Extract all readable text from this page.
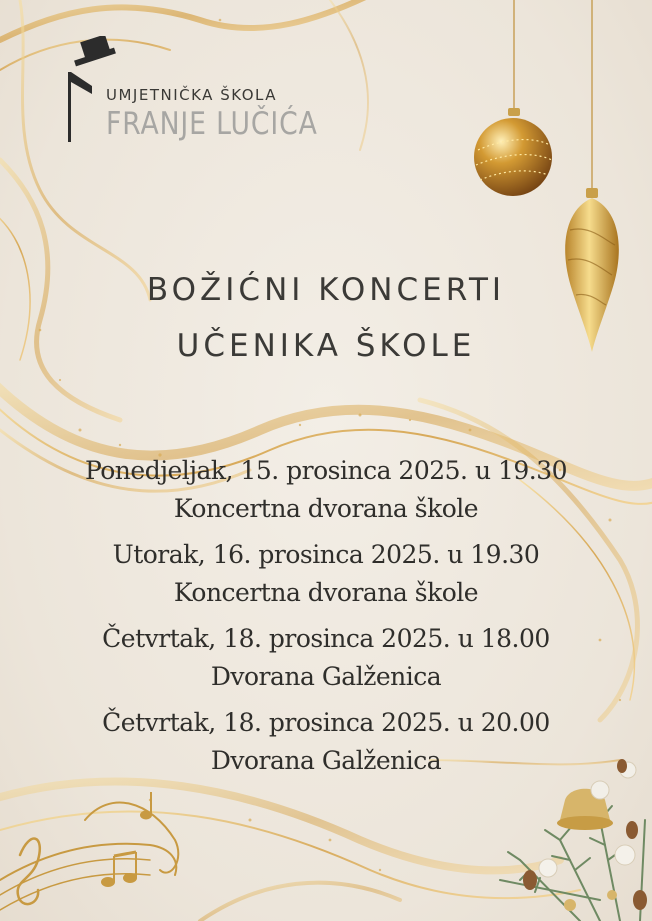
UMJETNIČKA ŠKOLA
FRANJE LUČIĆA
BOŽIĆNI KONCERTI
UČENIKA ŠKOLE
Ponedjeljak, 15. prosinca 2025. u 19.30
Koncertna dvorana škole
Utorak, 16. prosinca 2025. u 19.30
Koncertna dvorana škole
Četvrtak, 18. prosinca 2025. u 18.00
Dvorana Galženica
Četvrtak, 18. prosinca 2025. u 20.00
Dvorana Galženica
